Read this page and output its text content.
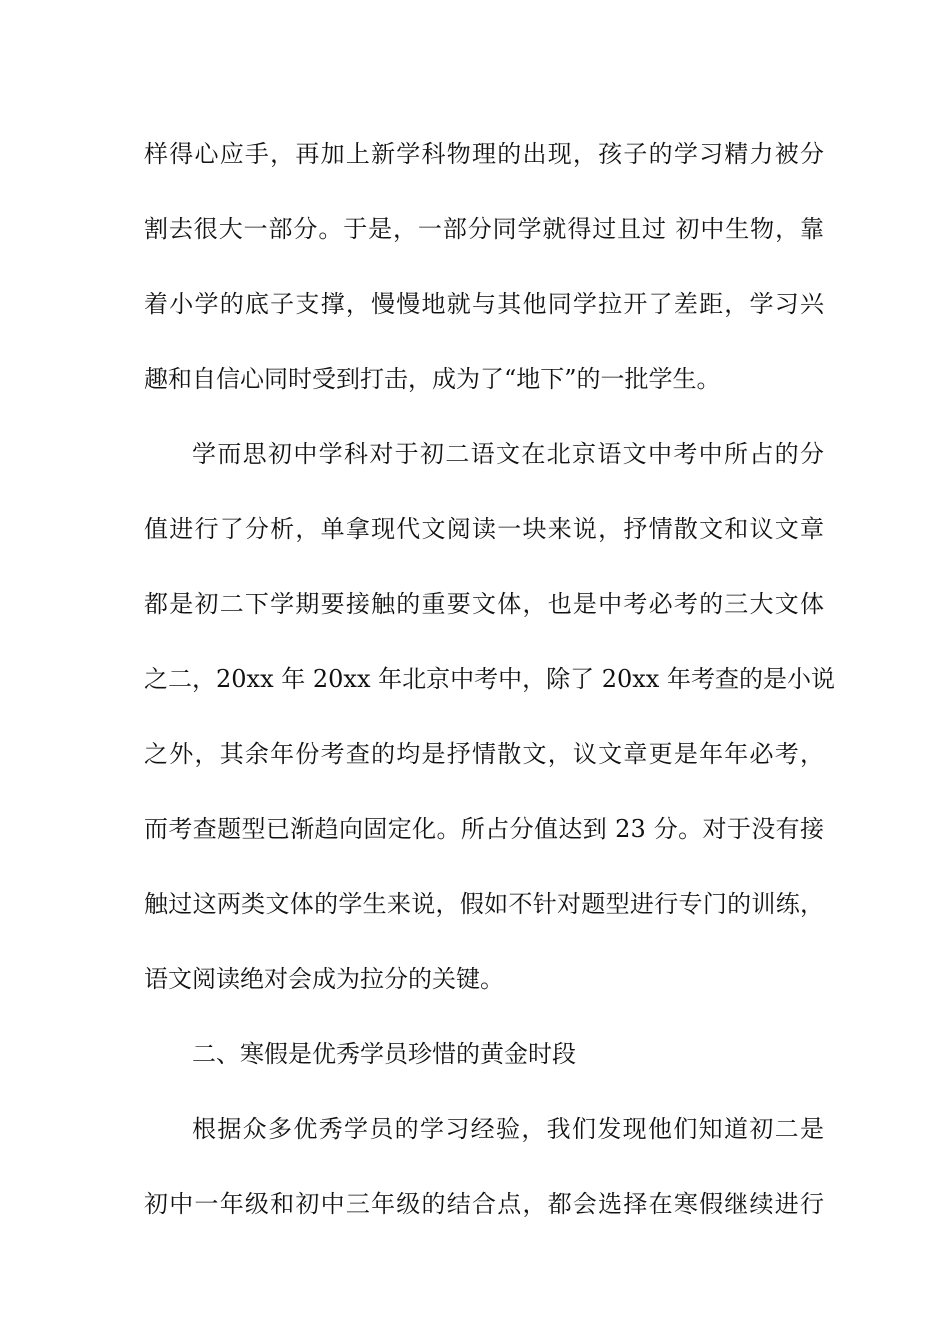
样得心应手，再加上新学科物理的出现，孩子的学习精力被分
割去很大一部分。于是，一部分同学就得过且过 初中生物，靠
着小学的底子支撑，慢慢地就与其他同学拉开了差距，学习兴
趣和自信心同时受到打击，成为了“地下”的一批学生。
学而思初中学科对于初二语文在北京语文中考中所占的分
值进行了分析，单拿现代文阅读一块来说，抒情散文和议文章
都是初二下学期要接触的重要文体，也是中考必考的三大文体
之二，20xx 年 20xx 年北京中考中，除了 20xx 年考查的是小说
之外，其余年份考查的均是抒情散文，议文章更是年年必考，
而考查题型已渐趋向固定化。所占分值达到 23 分。对于没有接
触过这两类文体的学生来说，假如不针对题型进行专门的训练，
语文阅读绝对会成为拉分的关键。
二、寒假是优秀学员珍惜的黄金时段
根据众多优秀学员的学习经验，我们发现他们知道初二是
初中一年级和初中三年级的结合点，都会选择在寒假继续进行
